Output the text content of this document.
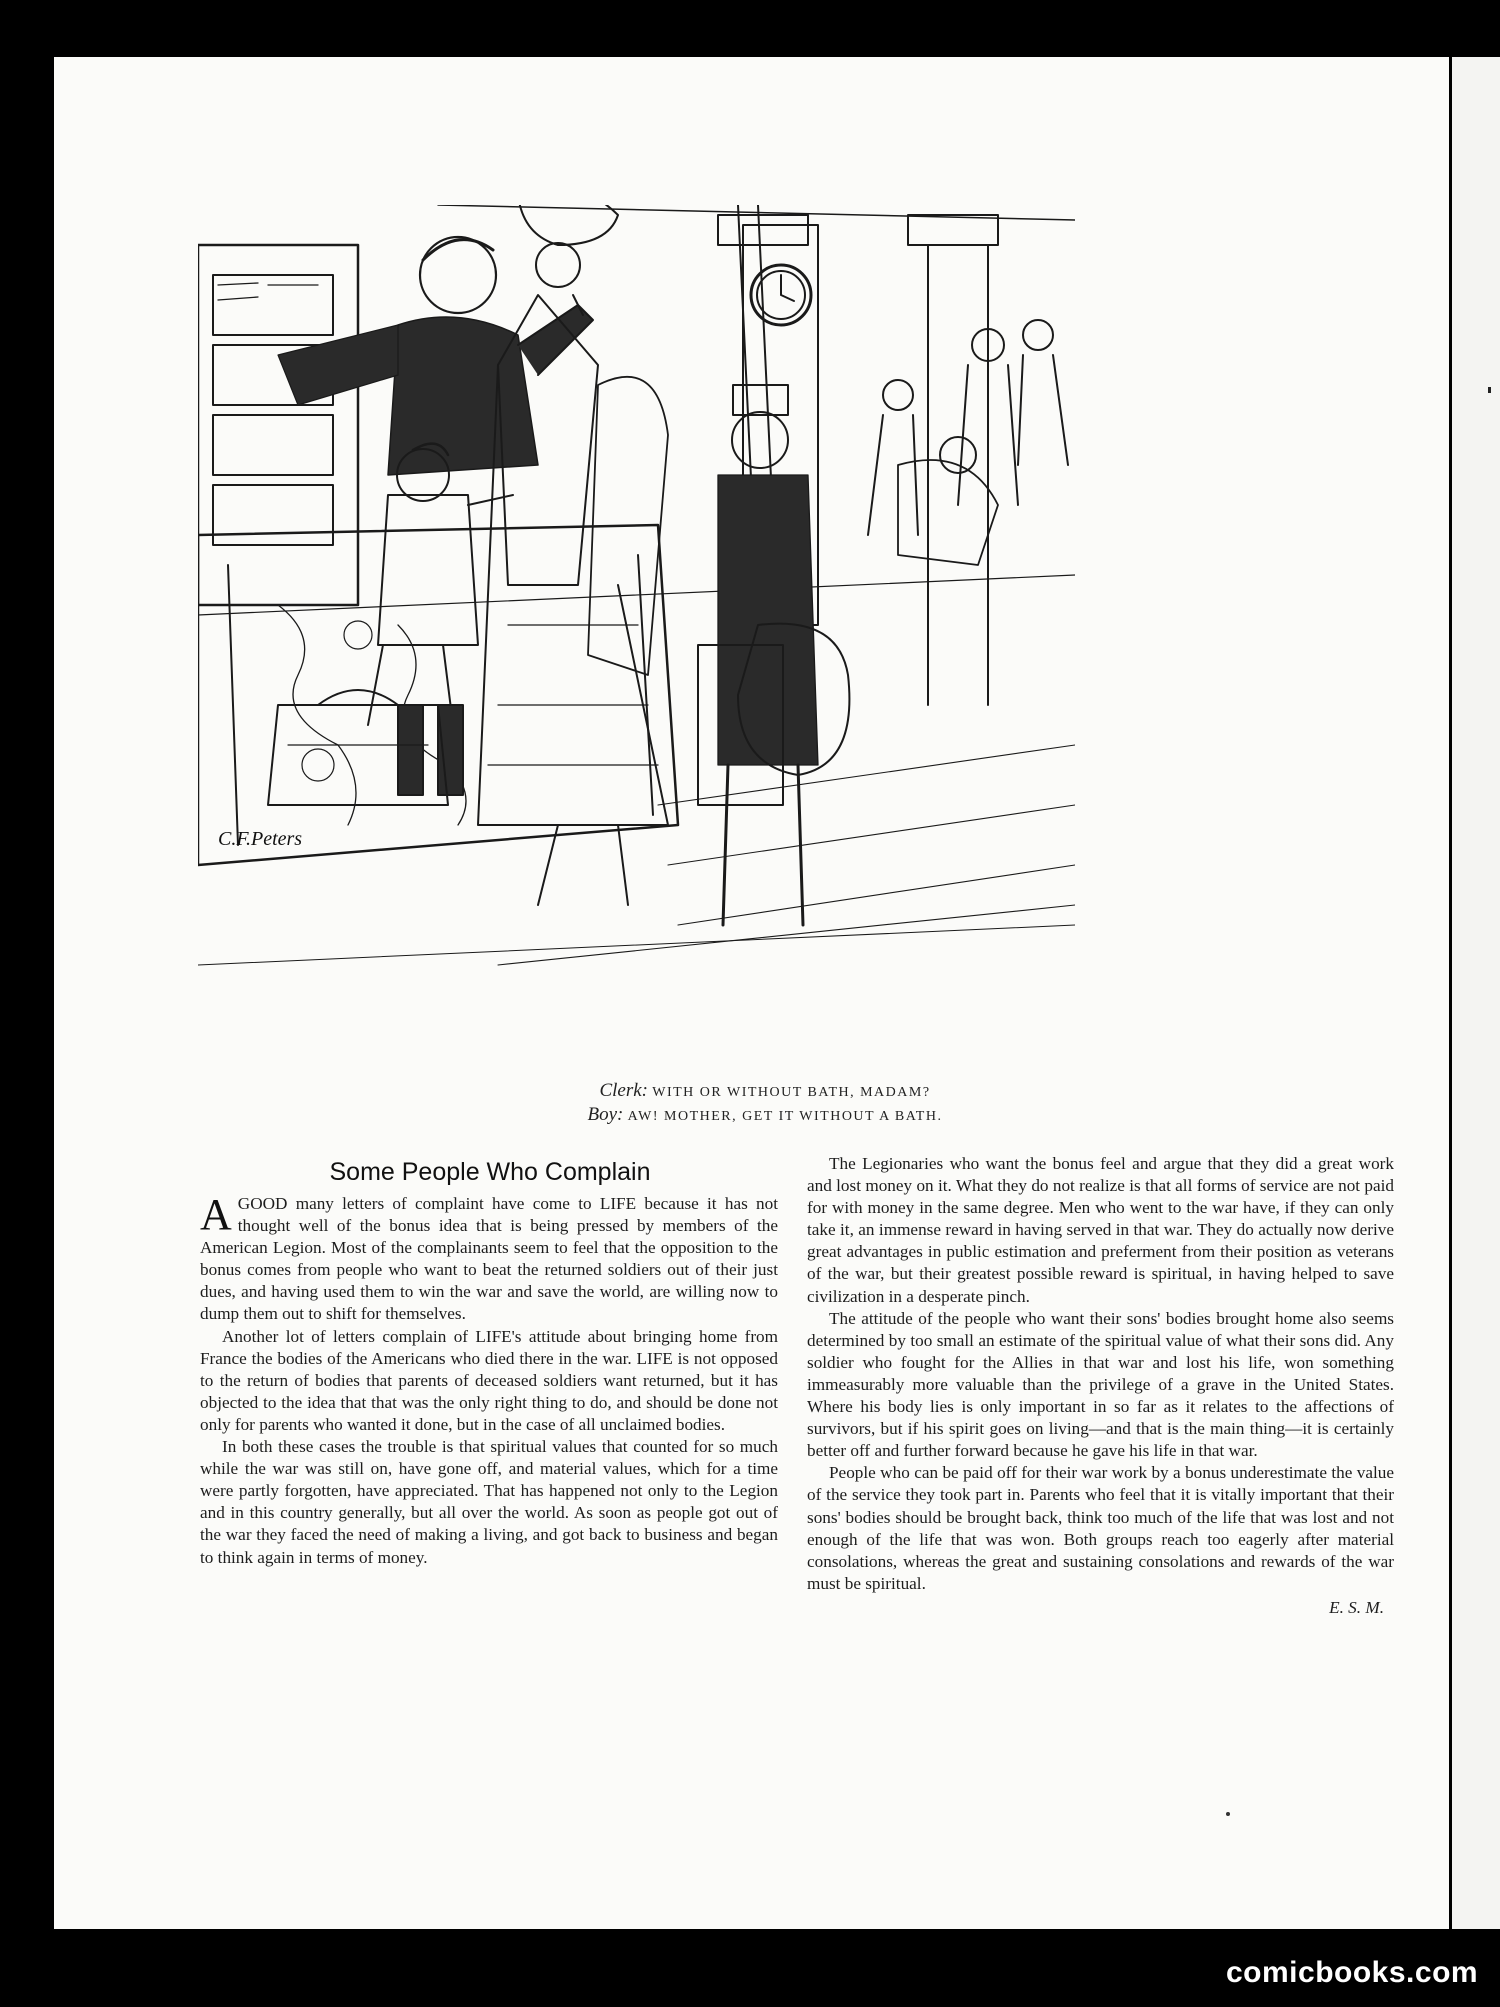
C.F.Peters
Clerk: WITH OR WITHOUT BATH, MADAM?
Boy: AW! MOTHER, GET IT WITHOUT A BATH.
Some People Who Complain

AGOOD many letters of complaint have come to LIFE because it has not thought well of the bonus idea that is being pressed by members of the American Legion. Most of the complainants seem to feel that the opposition to the bonus comes from people who want to beat the returned soldiers out of their just dues, and having used them to win the war and save the world, are willing now to dump them out to shift for themselves.

Another lot of letters complain of LIFE's attitude about bringing home from France the bodies of the Americans who died there in the war. LIFE is not opposed to the return of bodies that parents of deceased soldiers want returned, but it has objected to the idea that that was the only right thing to do, and should be done not only for parents who wanted it done, but in the case of all unclaimed bodies.

In both these cases the trouble is that spiritual values that counted for so much while the war was still on, have gone off, and material values, which for a time were partly forgotten, have appreciated. That has happened not only to the Legion and in this country generally, but all over the world. As soon as people got out of the war they faced the need of making a living, and got back to business and began to think again in terms of money.

The Legionaries who want the bonus feel and argue that they did a great work and lost money on it. What they do not realize is that all forms of service are not paid for with money in the same degree. Men who went to the war have, if they can only take it, an immense reward in having served in that war. They do actually now derive great advantages in public estimation and preferment from their position as veterans of the war, but their greatest possible reward is spiritual, in having helped to save civilization in a desperate pinch.

The attitude of the people who want their sons' bodies brought home also seems determined by too small an estimate of the spiritual value of what their sons did. Any soldier who fought for the Allies in that war and lost his life, won something immeasurably more valuable than the privilege of a grave in the United States. Where his body lies is only important in so far as it relates to the affections of survivors, but if his spirit goes on living—and that is the main thing—it is certainly better off and further forward because he gave his life in that war.

People who can be paid off for their war work by a bonus underestimate the value of the service they took part in. Parents who feel that it is vitally important that their sons' bodies should be brought back, think too much of the life that was lost and not enough of the life that was won. Both groups reach too eagerly after material consolations, whereas the great and sustaining consolations and rewards of the war must be spiritual.

E. S. M.
comicbooks.com
